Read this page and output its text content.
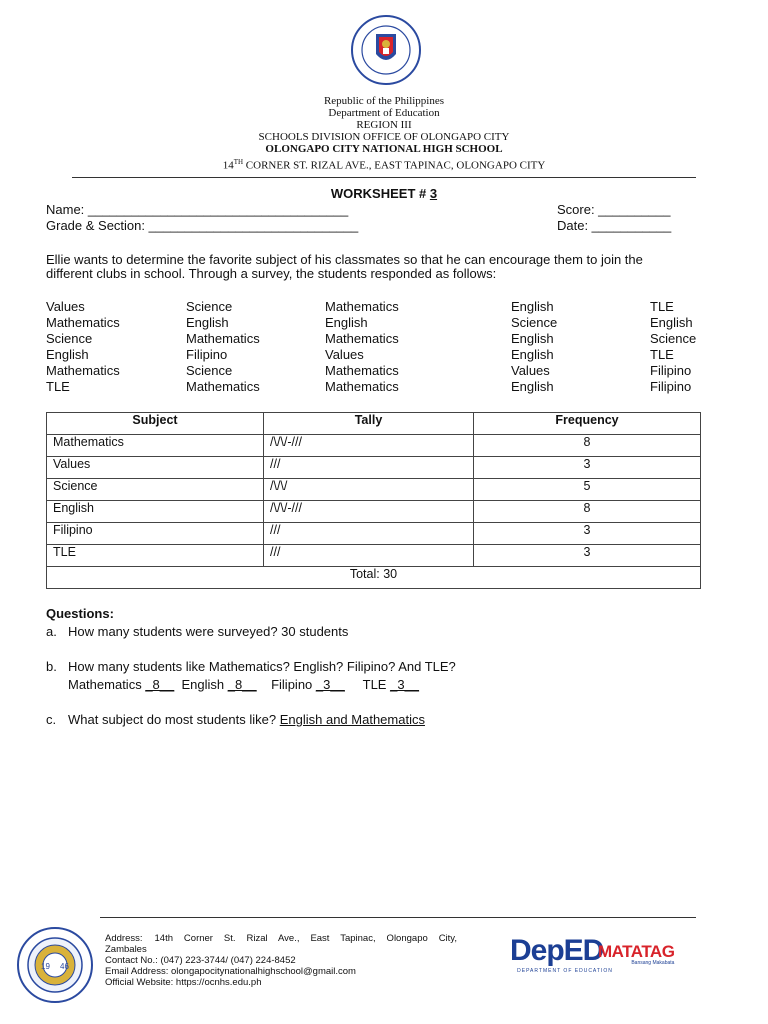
Republic of the Philippines
Department of Education
REGION III
SCHOOLS DIVISION OFFICE OF OLONGAPO CITY
OLONGAPO CITY NATIONAL HIGH SCHOOL
14TH CORNER ST. RIZAL AVE., EAST TAPINAC, OLONGAPO CITY
WORKSHEET # 3
Name: ____________________________________	Score: __________
Grade & Section: _____________________________	Date: ___________
Ellie wants to determine the favorite subject of his classmates so that he can encourage them to join the
different clubs in school. Through a survey, the students responded as follows:
Values	Science	Mathematics	English	TLE
Mathematics	English	English	Science	English
Science	Mathematics	Mathematics	English	Science
English	Filipino	Values	English	TLE
Mathematics	Science	Mathematics	Values	Filipino
TLE	Mathematics	Mathematics	English	Filipino
Subject	Tally	Frequency
Mathematics	/\/\/-///	8
Values	///	3
Science	/\/\/	5
English	/\/\/-///	8
Filipino	///	3
TLE	///	3
Total: 30		
Questions:
a. How many students were surveyed? 30 students
b. How many students like Mathematics? English? Filipino? And TLE?
Mathematics _8__ English _8__ Filipino _3__ TLE _3__
c. What subject do most students like? English and Mathematics
19 46
Address: 14th Corner St. Rizal Ave., East Tapinac, Olongapo City,
Zambales
Contact No.: (047) 223-3744/ (047) 224-8452
Email Address: olongapocitynationalhighschool@gmail.com
Official Website: https://ocnhs.edu.ph
DepED
DEPARTMENT OF EDUCATION
MATATAG
Bansang Makabata
